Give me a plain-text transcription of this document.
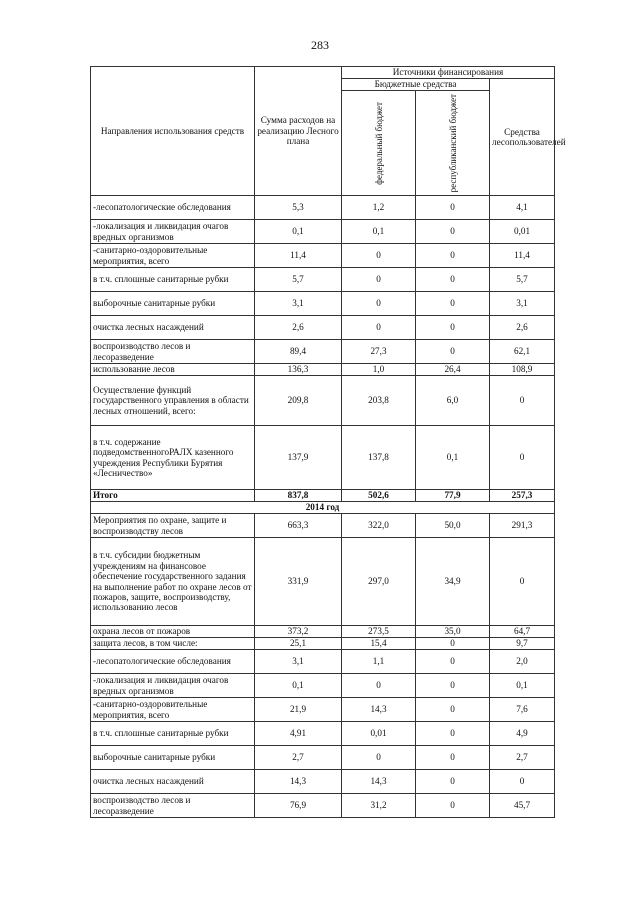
283
Направления использования средств	Сумма расходов на реализацию Лесного плана	Источники финансирования		
		Бюджетные средства		Средства лесопользователей

		федеральный бюджет	республиканский бюджет	

-лесопатологические обследования	5,3	1,2	0	4,1
-локализация и ликвидация очагов вредных организмов	0,1	0,1	0	0,01
-санитарно-оздоровительные мероприятия, всего	11,4	0	0	11,4
в т.ч. сплошные санитарные рубки	5,7	0	0	5,7
выборочные санитарные рубки	3,1	0	0	3,1
очистка лесных насаждений	2,6	0	0	2,6
воспроизводство лесов и лесоразведение	89,4	27,3	0	62,1
использование лесов	136,3	1,0	26,4	108,9
Осуществление функций государственного управления в области лесных отношений, всего:	209,8	203,8	6,0	0
в т.ч. содержание подведомственногоРАЛХ казенного учреждения Республики Бурятия «Лесничество»	137,9	137,8	0,1	0
Итого	837,8	502,6	77,9	257,3
2014 год				
Мероприятия по охране, защите и воспроизводству лесов	663,3	322,0	50,0	291,3
в т.ч. субсидии бюджетным учреждениям на финансовое обеспечение государственного задания на выполнение работ по охране лесов от пожаров, защите, воспроизводству, использованию лесов	331,9	297,0	34,9	0
охрана лесов от пожаров	373,2	273,5	35,0	64,7
защита лесов, в том числе:	25,1	15,4	0	9,7
-лесопатологические обследования	3,1	1,1	0	2,0
-локализация и ликвидация очагов вредных организмов	0,1	0	0	0,1
-санитарно-оздоровительные мероприятия, всего	21,9	14,3	0	7,6
в т.ч. сплошные санитарные рубки	4,91	0,01	0	4,9
выборочные санитарные рубки	2,7	0	0	2,7
очистка лесных насаждений	14,3	14,3	0	0
воспроизводство лесов и лесоразведение	76,9	31,2	0	45,7
